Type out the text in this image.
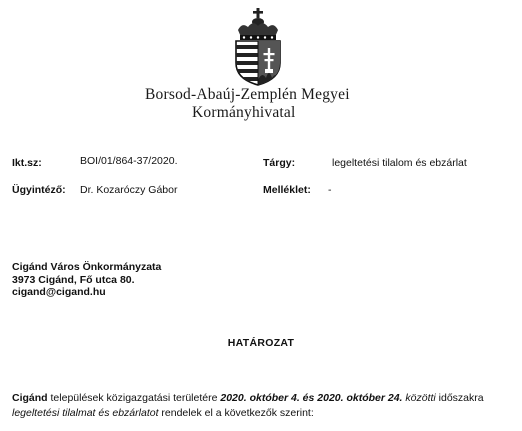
Borsod-Abaúj-Zemplén Megyei
Kormányhivatal
Ikt.sz:	BOI/01/864-37/2020.	Tárgy:	legeltetési tilalom és ebzárlat
Ügyintéző: Dr. Kozaróczy Gábor	Melléklet: -
Cigánd Város Önkormányzata
3973 Cigánd, Fő utca 80.
cigand@cigand.hu
HATÁROZAT
Cigánd települések közigazgatási területére 2020. október 4. és 2020. október 24. közötti időszakra
legeltetési tilalmat és ebzárlatot rendelek el a következők szerint:
